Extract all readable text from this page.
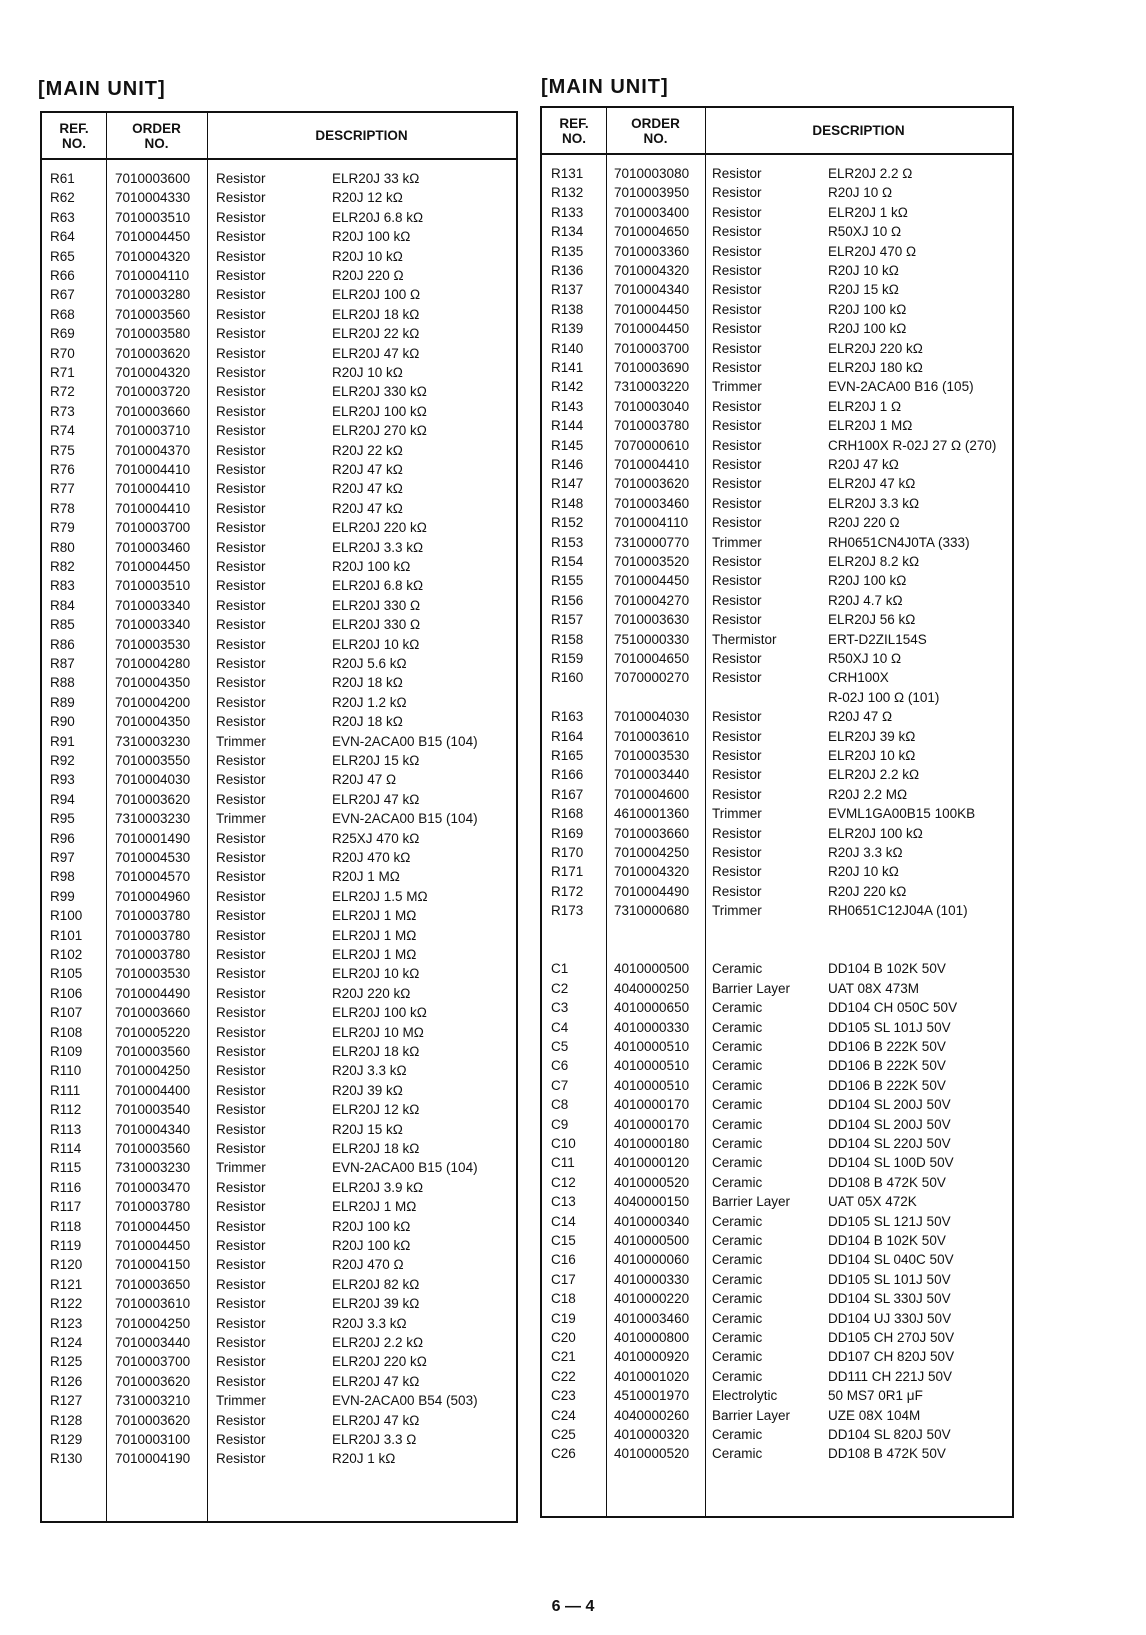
[MAIN UNIT]	[MAIN UNIT]
REF.
NO.
ORDER
NO.	DESCRIPTION
R61	7010003600 Resistor	ELR20J 33 kΩ
R62	7010004330 Resistor	R20J 12 kΩ
R63	7010003510 Resistor	ELR20J 6.8 kΩ
R64	7010004450 Resistor	R20J 100 kΩ
R65	7010004320 Resistor	R20J 10 kΩ
R66	7010004110 Resistor	R20J 220 Ω
R67	7010003280 Resistor	ELR20J 100 Ω
R68	7010003560 Resistor	ELR20J 18 kΩ
R69	7010003580 Resistor	ELR20J 22 kΩ
R70	7010003620 Resistor	ELR20J 47 kΩ
R71	7010004320 Resistor	R20J 10 kΩ
R72	7010003720 Resistor	ELR20J 330 kΩ
R73	7010003660 Resistor	ELR20J 100 kΩ
R74	7010003710 Resistor	ELR20J 270 kΩ
R75	7010004370 Resistor	R20J 22 kΩ
R76	7010004410 Resistor	R20J 47 kΩ
R77	7010004410 Resistor	R20J 47 kΩ
R78	7010004410 Resistor	R20J 47 kΩ
R79	7010003700 Resistor	ELR20J 220 kΩ
R80	7010003460 Resistor	ELR20J 3.3 kΩ
R82	7010004450 Resistor	R20J 100 kΩ
R83	7010003510 Resistor	ELR20J 6.8 kΩ
R84	7010003340 Resistor	ELR20J 330 Ω
R85	7010003340 Resistor	ELR20J 330 Ω
R86	7010003530 Resistor	ELR20J 10 kΩ
R87	7010004280 Resistor	R20J 5.6 kΩ
R88	7010004350 Resistor	R20J 18 kΩ
R89	7010004200 Resistor	R20J 1.2 kΩ
R90	7010004350 Resistor	R20J 18 kΩ
R91	7310003230 Trimmer	EVN-2ACA00 B15 (104)
R92	7010003550 Resistor	ELR20J 15 kΩ
R93	7010004030 Resistor	R20J 47 Ω
R94	7010003620 Resistor	ELR20J 47 kΩ
R95	7310003230 Trimmer	EVN-2ACA00 B15 (104)
R96	7010001490 Resistor	R25XJ 470 kΩ
R97	7010004530 Resistor	R20J 470 kΩ
R98	7010004570 Resistor	R20J 1 MΩ
R99	7010004960 Resistor	ELR20J 1.5 MΩ
R100 7010003780 Resistor	ELR20J 1 MΩ
R101 7010003780 Resistor	ELR20J 1 MΩ
R102 7010003780 Resistor	ELR20J 1 MΩ
R105 7010003530 Resistor	ELR20J 10 kΩ
R106 7010004490 Resistor	R20J 220 kΩ
R107 7010003660 Resistor	ELR20J 100 kΩ
R108 7010005220 Resistor	ELR20J 10 MΩ
R109 7010003560 Resistor	ELR20J 18 kΩ
R110 7010004250 Resistor	R20J 3.3 kΩ
R111	7010004400 Resistor	R20J 39 kΩ
R112 7010003540 Resistor	ELR20J 12 kΩ
R113 7010004340 Resistor	R20J 15 kΩ
R114 7010003560 Resistor	ELR20J 18 kΩ
R115 7310003230 Trimmer	EVN-2ACA00 B15 (104)
R116 7010003470 Resistor	ELR20J 3.9 kΩ
R117 7010003780 Resistor	ELR20J 1 MΩ
R118 7010004450 Resistor	R20J 100 kΩ
R119 7010004450 Resistor	R20J 100 kΩ
R120 7010004150 Resistor	R20J 470 Ω
R121 7010003650 Resistor	ELR20J 82 kΩ
R122 7010003610 Resistor	ELR20J 39 kΩ
R123 7010004250 Resistor	R20J 3.3 kΩ
R124 7010003440 Resistor	ELR20J 2.2 kΩ
R125 7010003700 Resistor	ELR20J 220 kΩ
R126 7010003620 Resistor	ELR20J 47 kΩ
R127 7310003210 Trimmer	EVN-2ACA00 B54 (503)
R128 7010003620 Resistor	ELR20J 47 kΩ
R129 7010003100 Resistor	ELR20J 3.3 Ω
R130 7010004190 Resistor	R20J 1 kΩ
REF.
NO.
ORDER
NO.	DESCRIPTION
R131 7010003080 Resistor	ELR20J 2.2 Ω
R132 7010003950 Resistor	R20J 10 Ω
R133 7010003400 Resistor	ELR20J 1 kΩ
R134 7010004650 Resistor	R50XJ 10 Ω
R135 7010003360 Resistor	ELR20J 470 Ω
R136 7010004320 Resistor	R20J 10 kΩ
R137 7010004340 Resistor	R20J 15 kΩ
R138 7010004450 Resistor	R20J 100 kΩ
R139 7010004450 Resistor	R20J 100 kΩ
R140 7010003700 Resistor	ELR20J 220 kΩ
R141 7010003690 Resistor	ELR20J 180 kΩ
R142 7310003220 Trimmer	EVN-2ACA00 B16 (105)
R143 7010003040 Resistor	ELR20J 1 Ω
R144 7010003780 Resistor	ELR20J 1 MΩ
R145 7070000610 Resistor	CRH100X R-02J 27 Ω (270)
R146 7010004410 Resistor	R20J 47 kΩ
R147 7010003620 Resistor	ELR20J 47 kΩ
R148 7010003460 Resistor	ELR20J 3.3 kΩ
R152 7010004110 Resistor	R20J 220 Ω
R153 7310000770 Trimmer	RH0651CN4J0TA (333)
R154 7010003520 Resistor	ELR20J 8.2 kΩ
R155 7010004450 Resistor	R20J 100 kΩ
R156 7010004270 Resistor	R20J 4.7 kΩ
R157 7010003630 Resistor	ELR20J 56 kΩ
R158 7510000330 Thermistor	ERT-D2ZIL154S
R159 7010004650 Resistor	R50XJ 10 Ω
R160 7070000270 Resistor	CRH100X
R-02J 100 Ω (101)
R163 7010004030 Resistor	R20J 47 Ω
R164 7010003610 Resistor	ELR20J 39 kΩ
R165 7010003530 Resistor	ELR20J 10 kΩ
R166 7010003440 Resistor	ELR20J 2.2 kΩ
R167 7010004600 Resistor	R20J 2.2 MΩ
R168 4610001360 Trimmer	EVML1GA00B15 100KB
R169 7010003660 Resistor	ELR20J 100 kΩ
R170 7010004250 Resistor	R20J 3.3 kΩ
R171 7010004320 Resistor	R20J 10 kΩ
R172 7010004490 Resistor	R20J 220 kΩ
R173 7310000680 Trimmer	RH0651C12J04A (101)
C1	4010000500 Ceramic	DD104 B 102K 50V
C2	4040000250 Barrier Layer	UAT 08X 473M
C3	4010000650 Ceramic	DD104 CH 050C 50V
C4	4010000330 Ceramic	DD105 SL 101J 50V
C5	4010000510 Ceramic	DD106 B 222K 50V
C6	4010000510 Ceramic	DD106 B 222K 50V
C7	4010000510 Ceramic	DD106 B 222K 50V
C8	4010000170 Ceramic	DD104 SL 200J 50V
C9	4010000170 Ceramic	DD104 SL 200J 50V
C10	4010000180 Ceramic	DD104 SL 220J 50V
C11	4010000120 Ceramic	DD104 SL 100D 50V
C12	4010000520 Ceramic	DD108 B 472K 50V
C13	4040000150 Barrier Layer	UAT 05X 472K
C14	4010000340 Ceramic	DD105 SL 121J 50V
C15	4010000500 Ceramic	DD104 B 102K 50V
C16	4010000060 Ceramic	DD104 SL 040C 50V
C17	4010000330 Ceramic	DD105 SL 101J 50V
C18	4010000220 Ceramic	DD104 SL 330J 50V
C19	4010003460 Ceramic	DD104 UJ 330J 50V
C20	4010000800 Ceramic	DD105 CH 270J 50V
C21	4010000920 Ceramic	DD107 CH 820J 50V
C22	4010001020 Ceramic	DD111 CH 221J 50V
C23	4510001970 Electrolytic	50 MS7 0R1 μF
C24	4040000260 Barrier Layer	UZE 08X 104M
C25	4010000320 Ceramic	DD104 SL 820J 50V
C26	4010000520 Ceramic	DD108 B 472K 50V
6 — 4
